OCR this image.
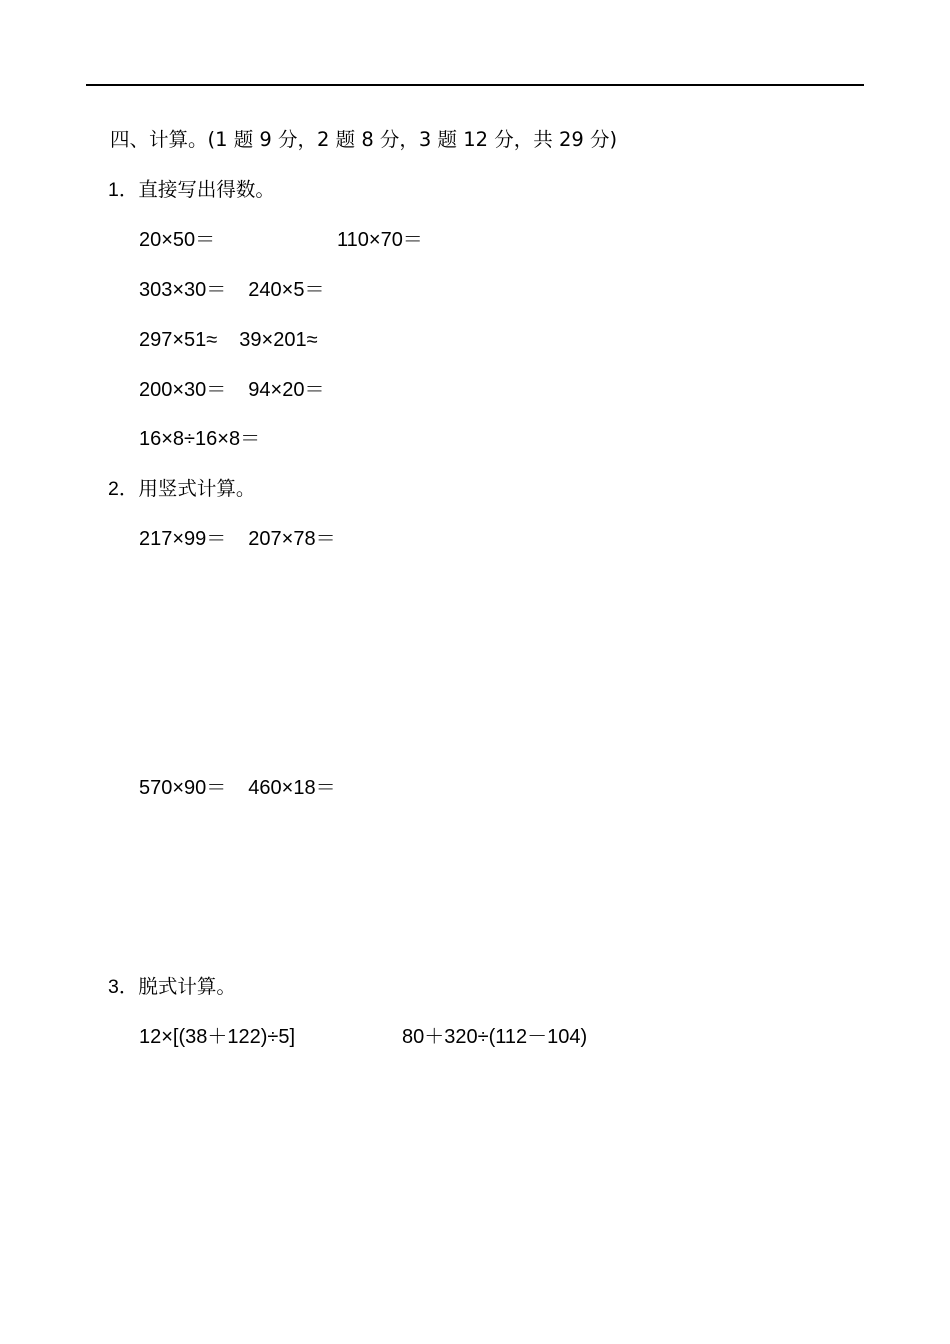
四、计算。(1 题 9 分，2 题 8 分，3 题 12 分，共 29 分)
1．直接写出得数。
20×50＝	110×70＝
303×30＝ 240×5＝
297×51≈ 39×201≈
200×30＝ 94×20＝
16×8÷16×8＝
2．用竖式计算。
217×99＝ 207×78＝
570×90＝ 460×18＝
3．脱式计算。
12×[(38＋122)÷5]	80＋320÷(112－104)
